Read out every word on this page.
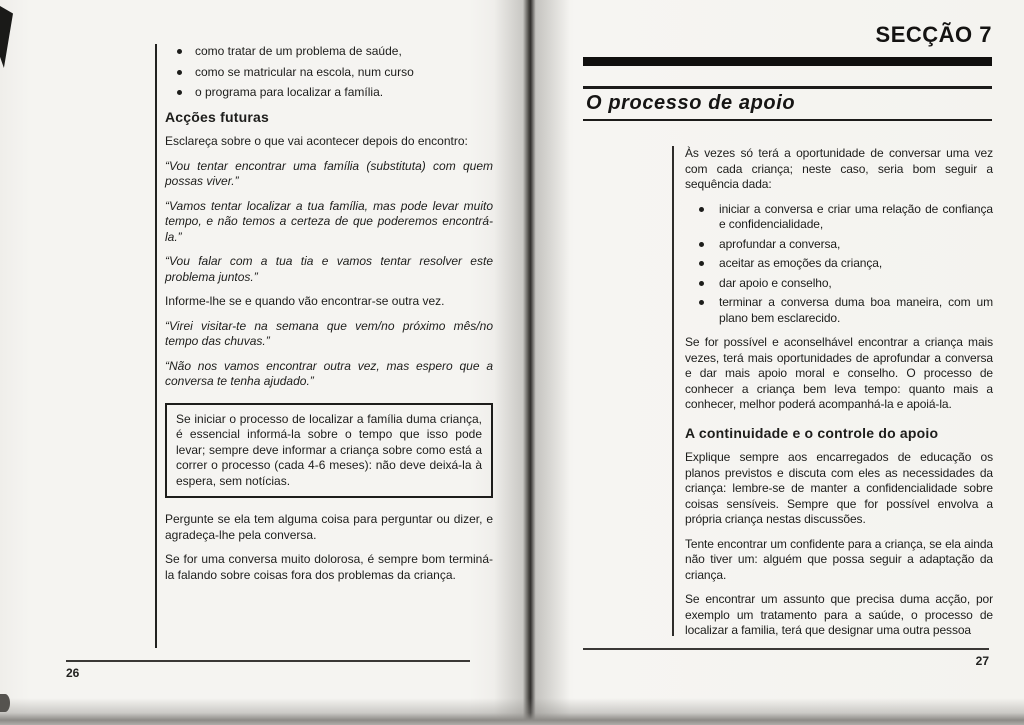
como tratar de um problema de saúde,
como se matricular na escola, num curso
o programa para localizar a família.
Acções futuras

Esclareça sobre o que vai acontecer depois do encontro:

“Vou tentar encontrar uma família (substituta) com quem possas viver.”

“Vamos tentar localizar a tua família, mas pode levar muito tempo, e não temos a certeza de que poderemos encontrá-la.”

“Vou falar com a tua tia e vamos tentar resolver este problema juntos.”

Informe-lhe se e quando vão encontrar-se outra vez.

“Virei visitar-te na semana que vem/no próximo mês/no tempo das chuvas.”

“Não nos vamos encontrar outra vez, mas espero que a conversa te tenha ajudado.”

Se iniciar o processo de localizar a família duma criança, é essencial informá-la sobre o tempo que isso pode levar; sempre deve informar a criança sobre como está a correr o processo (cada 4-6 meses): não deve deixá-la à espera, sem notícias.

Pergunte se ela tem alguma coisa para perguntar ou dizer, e agradeça-lhe pela conversa.

Se for uma conversa muito dolorosa, é sempre bom terminá-la falando sobre coisas fora dos problemas da criança.

26
SECÇÃO 7
O processo de apoio

Às vezes só terá a oportunidade de conversar uma vez com cada criança; neste caso, seria bom seguir a sequência dada:

iniciar a conversa e criar uma relação de confiança e confidencialidade,
aprofundar a conversa,
aceitar as emoções da criança,
dar apoio e conselho,
terminar a conversa duma boa maneira, com um plano bem esclarecido.

Se for possível e aconselhável encontrar a criança mais vezes, terá mais oportunidades de aprofundar a conversa e dar mais apoio moral e conselho. O processo de conhecer a criança bem leva tempo: quanto mais a conhecer, melhor poderá acompanhá-la e apoiá-la.

A continuidade e o controle do apoio

Explique sempre aos encarregados de educação os planos previstos e discuta com eles as necessidades da criança: lembre-se de manter a confidencialidade sobre coisas sensíveis. Sempre que for possível envolva a própria criança nestas discussões.

Tente encontrar um confidente para a criança, se ela ainda não tiver um: alguém que possa seguir a adaptação da criança.

Se encontrar um assunto que precisa duma acção, por exemplo um tratamento para a saúde, o processo de localizar a familia, terá que designar uma outra pessoa

27
